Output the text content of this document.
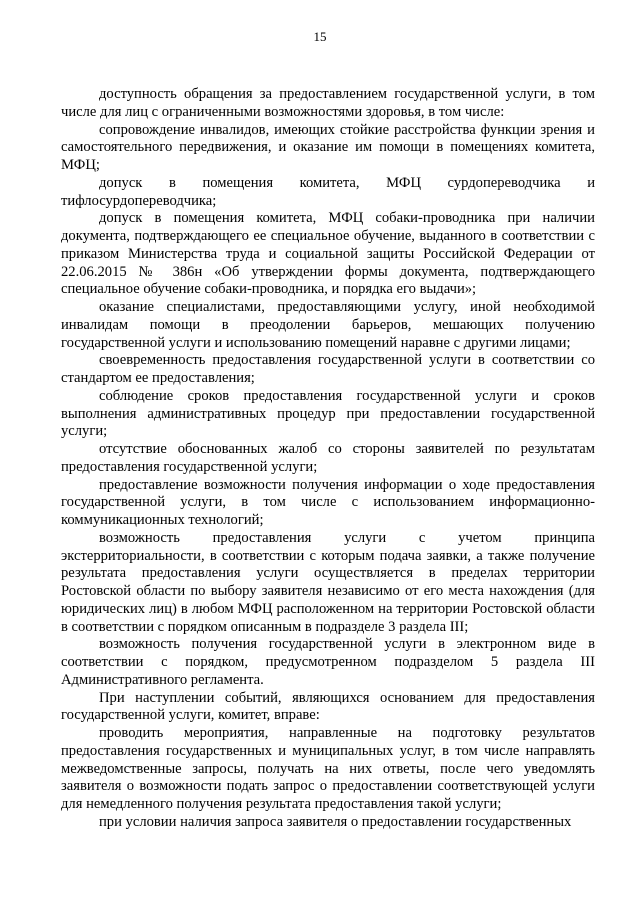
15

доступность обращения за предоставлением государственной услуги, в том числе для лиц с ограниченными возможностями здоровья, в том числе:

сопровождение инвалидов, имеющих стойкие расстройства функции зрения и самостоятельного передвижения, и оказание им помощи в помещениях комитета, МФЦ;

допуск в помещения комитета, МФЦ сурдопереводчика и тифлосурдопереводчика;

допуск в помещения комитета, МФЦ собаки-проводника при наличии документа, подтверждающего ее специальное обучение, выданного в соответствии с приказом Министерства труда и социальной защиты Российской Федерации от 22.06.2015 № 386н «Об утверждении формы документа, подтверждающего специальное обучение собаки-проводника, и порядка его выдачи»;

оказание специалистами, предоставляющими услугу, иной необходимой инвалидам помощи в преодолении барьеров, мешающих получению государственной услуги и использованию помещений наравне с другими лицами;

своевременность предоставления государственной услуги в соответствии со стандартом ее предоставления;

соблюдение сроков предоставления государственной услуги и сроков выполнения административных процедур при предоставлении государственной услуги;

отсутствие обоснованных жалоб со стороны заявителей по результатам предоставления государственной услуги;

предоставление возможности получения информации о ходе предоставления государственной услуги, в том числе с использованием информационно-коммуникационных технологий;

возможность предоставления услуги с учетом принципа экстерриториальности, в соответствии с которым подача заявки, а также получение результата предоставления услуги осуществляется в пределах территории Ростовской области по выбору заявителя независимо от его места нахождения (для юридических лиц) в любом МФЦ расположенном на территории Ростовской области в соответствии с порядком описанным в подразделе 3 раздела III;

возможность получения государственной услуги в электронном виде в соответствии с порядком, предусмотренном подразделом 5 раздела III Административного регламента.

При наступлении событий, являющихся основанием для предоставления государственной услуги, комитет, вправе:

проводить мероприятия, направленные на подготовку результатов предоставления государственных и муниципальных услуг, в том числе направлять межведомственные запросы, получать на них ответы, после чего уведомлять заявителя о возможности подать запрос о предоставлении соответствующей услуги для немедленного получения результата предоставления такой услуги;

при условии наличия запроса заявителя о предоставлении государственных
